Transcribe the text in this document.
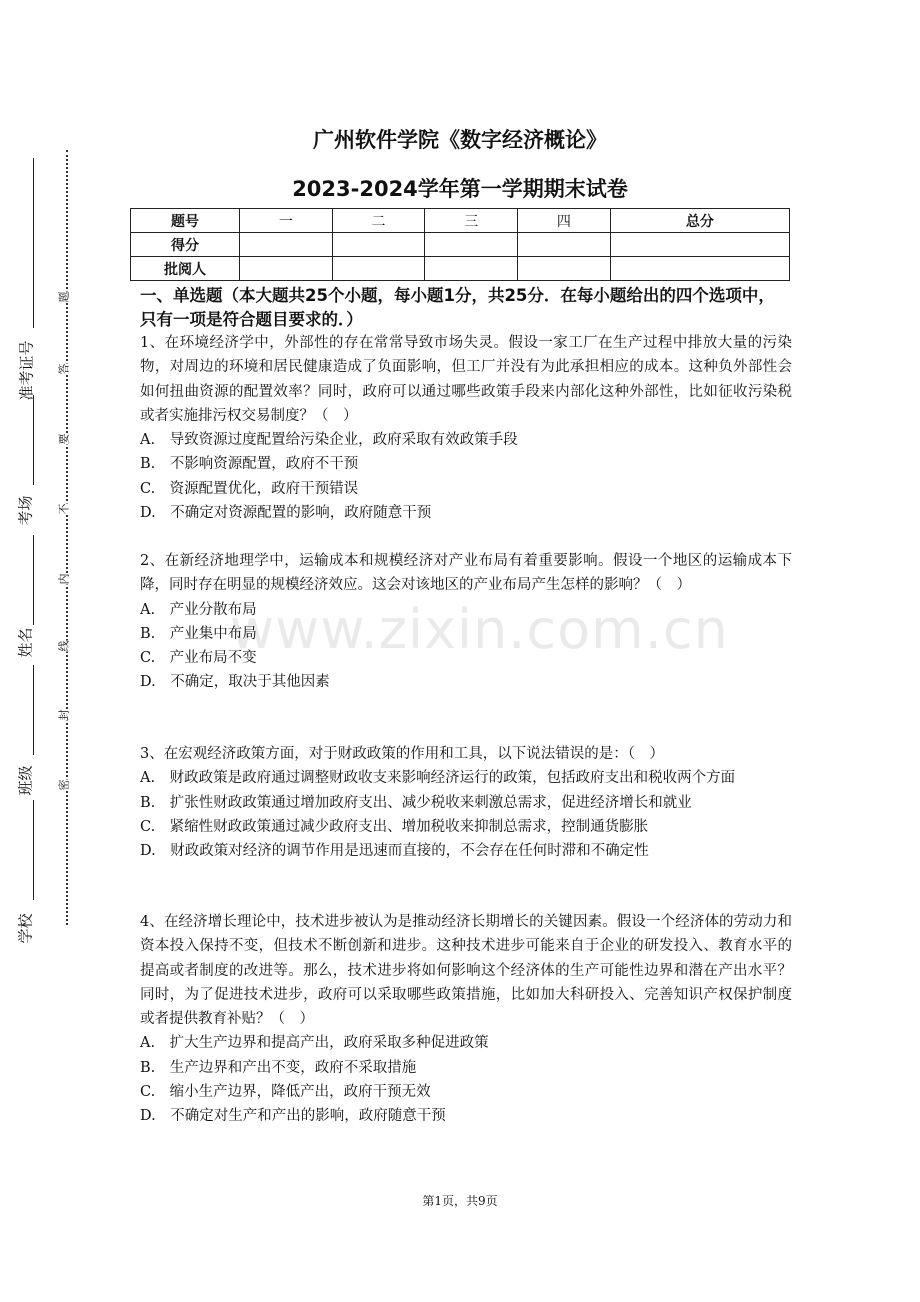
题
答
要
不
内
线
封
密
准考证号
考场
姓名
班级
学校
广州软件学院《数字经济概论》
2023-2024学年第一学期期末试卷
题号	一	二	三	四	总分
得分					
批阅人					
一、单选题（本大题共25个小题，每小题1分，共25分．在每小题给出的四个选项中，只有一项是符合题目要求的．）

1、在环境经济学中，外部性的存在常常导致市场失灵。假设一家工厂在生产过程中排放大量的污染物，对周边的环境和居民健康造成了负面影响，但工厂并没有为此承担相应的成本。这种负外部性会如何扭曲资源的配置效率？同时，政府可以通过哪些政策手段来内部化这种外部性，比如征收污染税或者实施排污权交易制度？（　）

A.　导致资源过度配置给污染企业，政府采取有效政策手段

B.　不影响资源配置，政府不干预

C.　资源配置优化，政府干预错误

D.　不确定对资源配置的影响，政府随意干预

2、在新经济地理学中，运输成本和规模经济对产业布局有着重要影响。假设一个地区的运输成本下降，同时存在明显的规模经济效应。这会对该地区的产业布局产生怎样的影响？（　）

A.　产业分散布局

B.　产业集中布局

C.　产业布局不变

D.　不确定，取决于其他因素

3、在宏观经济政策方面，对于财政政策的作用和工具，以下说法错误的是：（　）

A.　财政政策是政府通过调整财政收支来影响经济运行的政策，包括政府支出和税收两个方面

B.　扩张性财政政策通过增加政府支出、减少税收来刺激总需求，促进经济增长和就业

C.　紧缩性财政政策通过减少政府支出、增加税收来抑制总需求，控制通货膨胀

D.　财政政策对经济的调节作用是迅速而直接的，不会存在任何时滞和不确定性

4、在经济增长理论中，技术进步被认为是推动经济长期增长的关键因素。假设一个经济体的劳动力和资本投入保持不变，但技术不断创新和进步。这种技术进步可能来自于企业的研发投入、教育水平的提高或者制度的改进等。那么，技术进步将如何影响这个经济体的生产可能性边界和潜在产出水平？同时，为了促进技术进步，政府可以采取哪些政策措施，比如加大科研投入、完善知识产权保护制度或者提供教育补贴？（　）

A.　扩大生产边界和提高产出，政府采取多种促进政策

B.　生产边界和产出不变，政府不采取措施

C.　缩小生产边界，降低产出，政府干预无效

D.　不确定对生产和产出的影响，政府随意干预

www.zixin.com.cn
第1页，共9页
